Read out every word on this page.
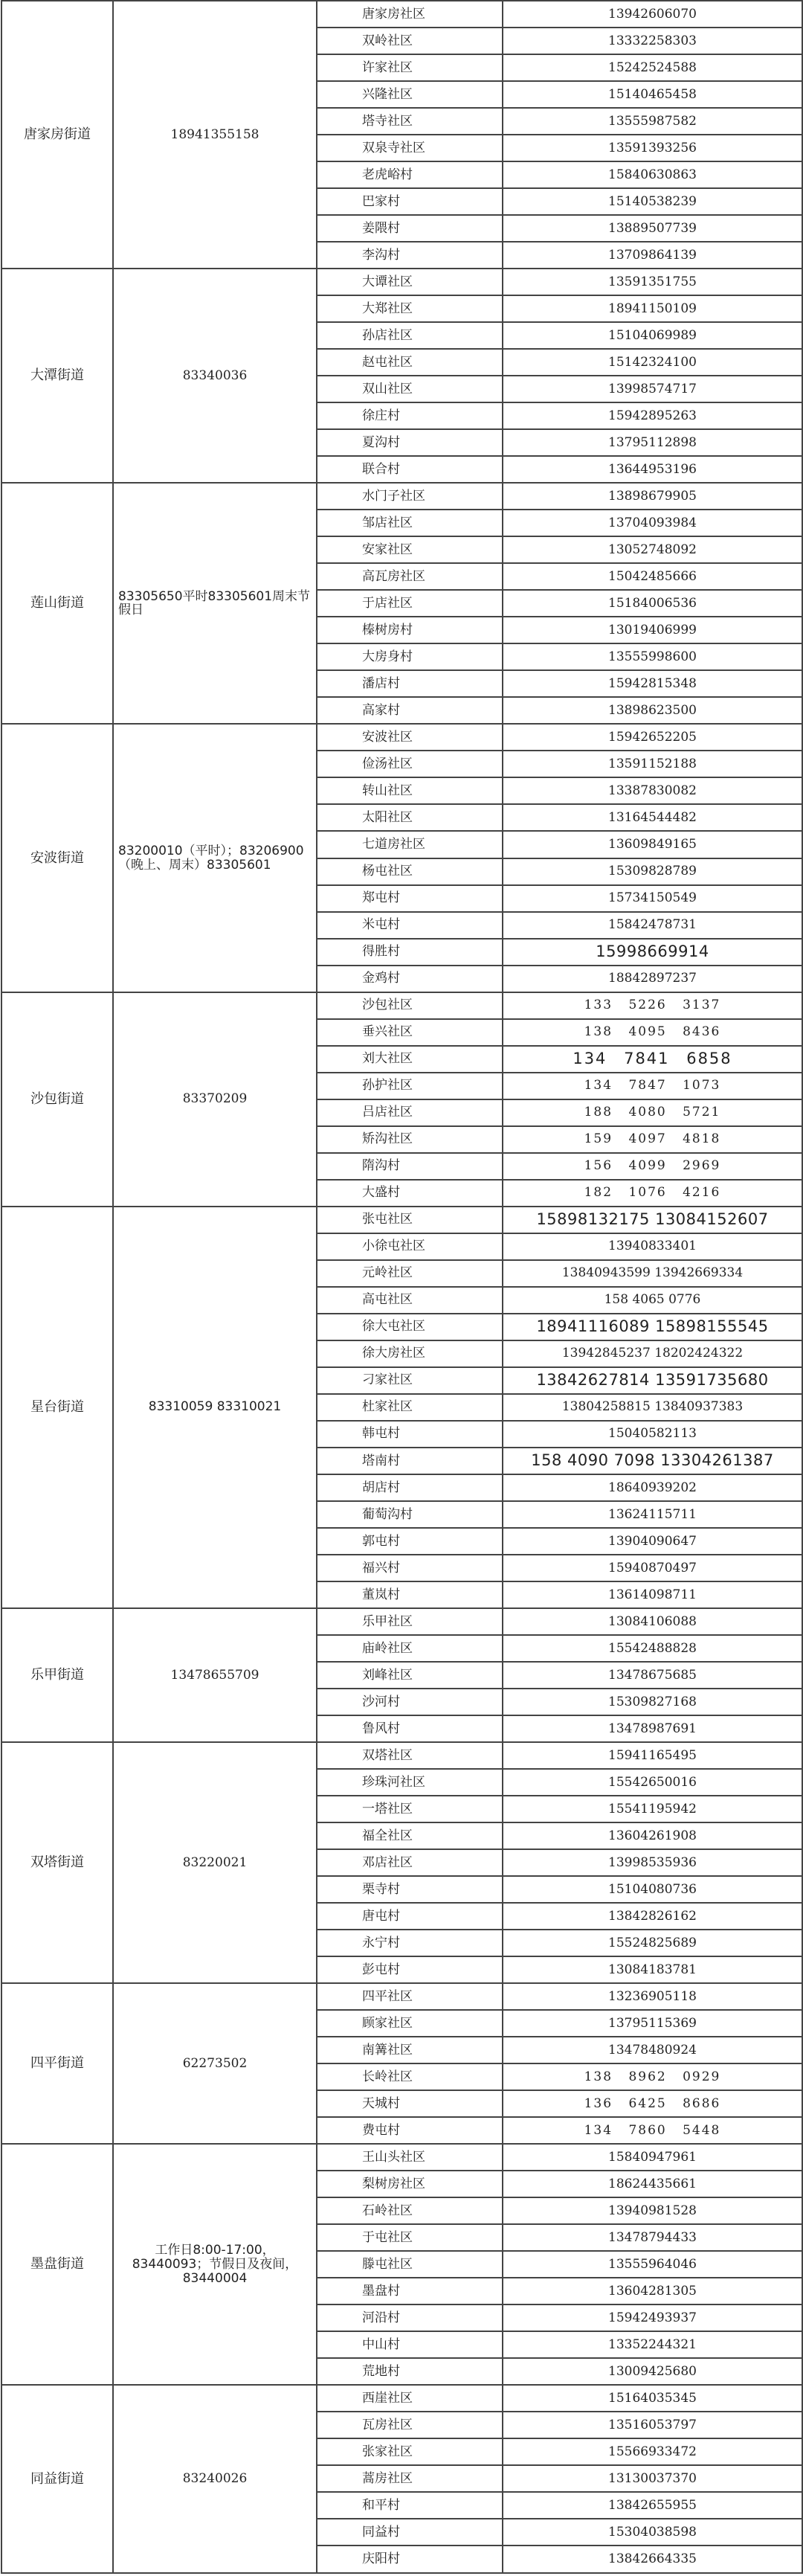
唐家房街道	18941355158	唐家房社区	13942606070
		双岭社区	13332258303
		许家社区	15242524588
		兴隆社区	15140465458
		塔寺社区	13555987582
		双泉寺社区	13591393256
		老虎峪村	15840630863
		巴家村	15140538239
		姜隈村	13889507739
		李沟村	13709864139
大潭街道	83340036	大谭社区	13591351755
		大郑社区	18941150109
		孙店社区	15104069989
		赵屯社区	15142324100
		双山社区	13998574717
		徐庄村	15942895263
		夏沟村	13795112898
		联合村	13644953196
莲山街道	83305650平时83305601周末节假日	水门子社区	13898679905
		邹店社区	13704093984
		安家社区	13052748092
		高瓦房社区	15042485666
		于店社区	15184006536
		榛树房村	13019406999
		大房身村	13555998600
		潘店村	15942815348
		高家村	13898623500
安波街道	83200010（平时）；83206900（晚上、周末）83305601	安波社区	15942652205
		俭汤社区	13591152188
		转山社区	13387830082
		太阳社区	13164544482
		七道房社区	13609849165
		杨屯社区	15309828789
		郑屯村	15734150549
		米屯村	15842478731
		得胜村	15998669914
		金鸡村	18842897237
沙包街道	83370209	沙包社区	133 5226 3137
		垂兴社区	138 4095 8436
		刘大社区	134 7841 6858
		孙护社区	134 7847 1073
		吕店社区	188 4080 5721
		矫沟社区	159 4097 4818
		隋沟村	156 4099 2969
		大盛村	182 1076 4216
星台街道	83310059 83310021	张屯社区	15898132175 13084152607
		小徐屯社区	13940833401
		元岭社区	13840943599 13942669334
		高屯社区	158 4065 0776
		徐大屯社区	18941116089 15898155545
		徐大房社区	13942845237 18202424322
		刁家社区	13842627814 13591735680
		杜家社区	13804258815 13840937383
		韩屯村	15040582113
		塔南村	158 4090 7098 13304261387
		胡店村	18640939202
		葡萄沟村	13624115711
		郭屯村	13904090647
		福兴村	15940870497
		董岚村	13614098711
乐甲街道	13478655709	乐甲社区	13084106088
		庙岭社区	15542488828
		刘峰社区	13478675685
		沙河村	15309827168
		鲁风村	13478987691
双塔街道	83220021	双塔社区	15941165495
		珍珠河社区	15542650016
		一塔社区	15541195942
		福全社区	13604261908
		邓店社区	13998535936
		栗寺村	15104080736
		唐屯村	13842826162
		永宁村	15524825689
		彭屯村	13084183781
四平街道	62273502	四平社区	13236905118
		顾家社区	13795115369
		南篝社区	13478480924
		长岭社区	138 8962 0929
		天城村	136 6425 8686
		费屯村	134 7860 5448
墨盘街道	工作日8:00-17:00，83440093；节假日及夜间，83440004	王山头社区	15840947961
		梨树房社区	18624435661
		石岭社区	13940981528
		于屯社区	13478794433
		滕屯社区	13555964046
		墨盘村	13604281305
		河沿村	15942493937
		中山村	13352244321
		荒地村	13009425680
同益街道	83240026	西崖社区	15164035345
		瓦房社区	13516053797
		张家社区	15566933472
		蒿房社区	13130037370
		和平村	13842655955
		同益村	15304038598
		庆阳村	13842664335
